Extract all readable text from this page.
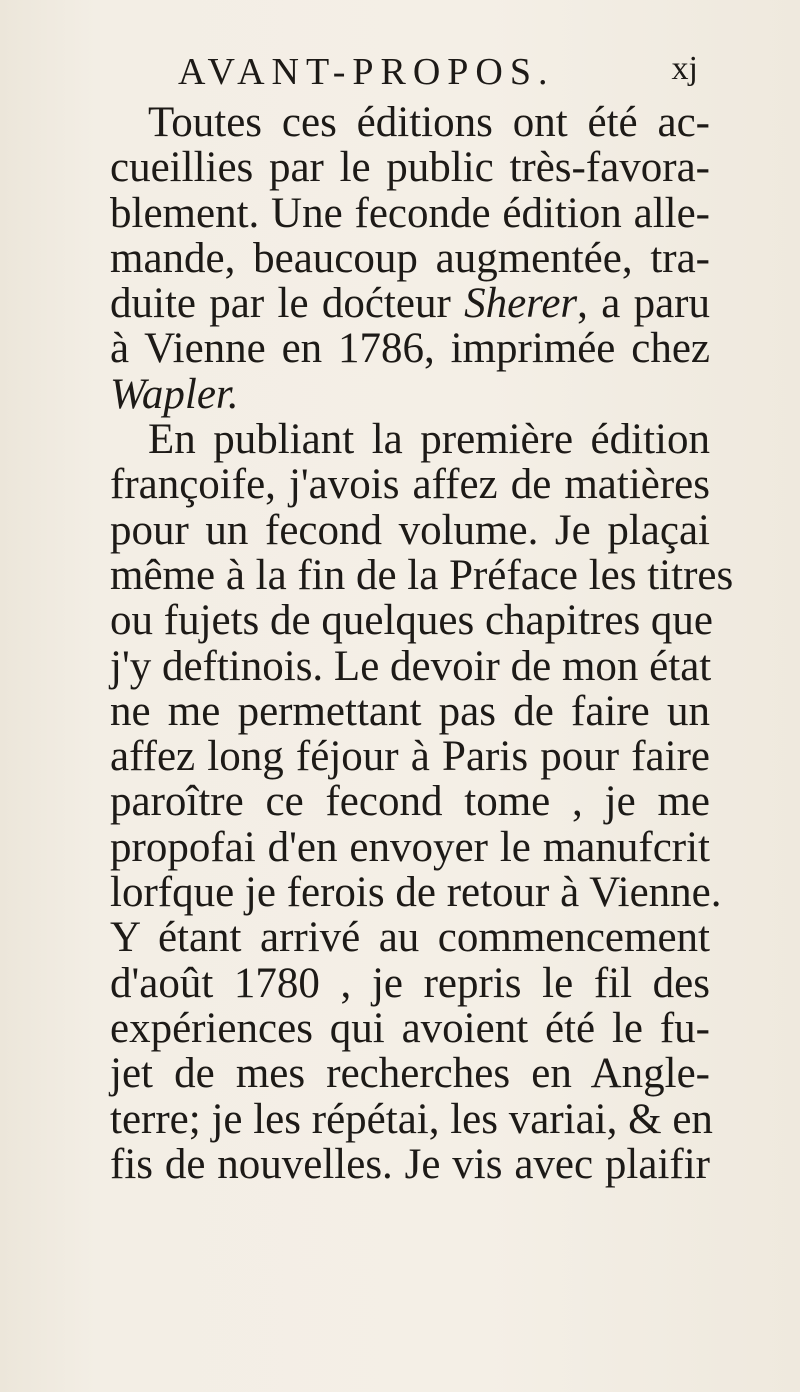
AVANT-PROPOS.	xj
Toutes ces éditions ont été ac-
cueillies par le public très-favora-
blement. Une feconde édition alle-
mande, beaucoup augmentée, tra-
duite par le doćteur Sherer, a paru
à Vienne en 1786, imprimée chez
Wapler.
En publiant la première édition
françoife, j'avois affez de matières
pour un fecond volume. Je plaçai
même à la fin de la Préface les titres
ou fujets de quelques chapitres que
j'y deftinois. Le devoir de mon état
ne me permettant pas de faire un
affez long féjour à Paris pour faire
paroître ce fecond tome , je me
propofai d'en envoyer le manufcrit
lorfque je ferois de retour à Vienne.
Y étant arrivé au commencement
d'août 1780 , je repris le fil des
expériences qui avoient été le fu-
jet de mes recherches en Angle-
terre; je les répétai, les variai, & en
fis de nouvelles. Je vis avec plaifir
